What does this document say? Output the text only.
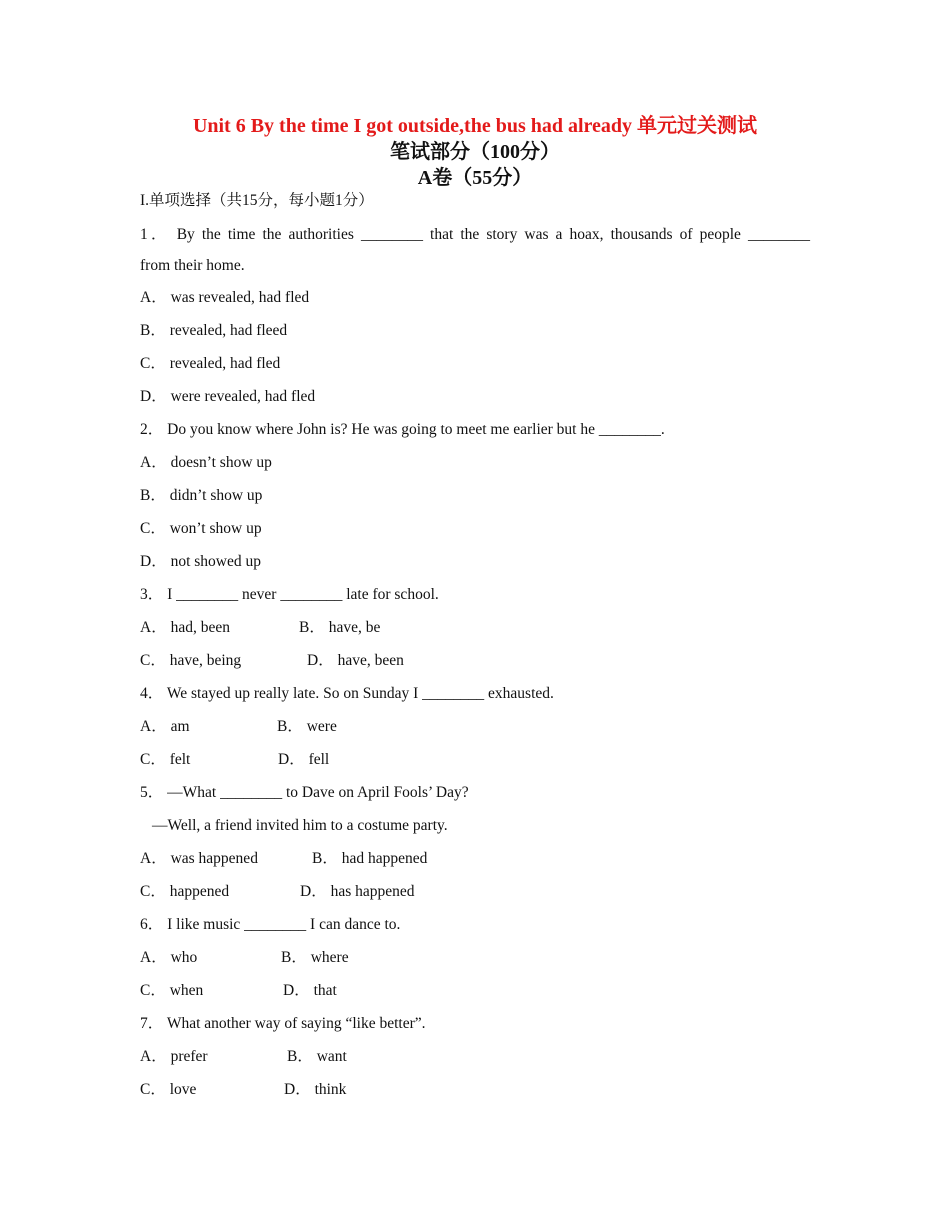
Unit 6 By the time I got outside,the bus had already 单元过关测试
笔试部分（100分）
A卷（55分）
I.单项选择（共15分，每小题1分）
1． By the time the authorities ________ that the story was a hoax, thousands of people ________
from their home.
A． was revealed, had fled
B． revealed, had fleed
C． revealed, had fled
D． were revealed, had fled
2． Do you know where John is? He was going to meet me earlier but he ________.
A． doesn’t show up
B． didn’t show up
C． won’t show up
D． not showed up
3． I ________ never ________ late for school.
A． had, been	B． have, be
C． have, being	D． have, been
4． We stayed up really late. So on Sunday I ________ exhausted.
A． am	B． were
C． felt	D． fell
5． —What ________ to Dave on April Fools’ Day?
—Well, a friend invited him to a costume party.
A． was happened	B． had happened
C． happened	D． has happened
6． I like music ________ I can dance to.
A． who	B． where
C． when	D． that
7． What another way of saying “like better”.
A． prefer	B． want
C． love	D． think
